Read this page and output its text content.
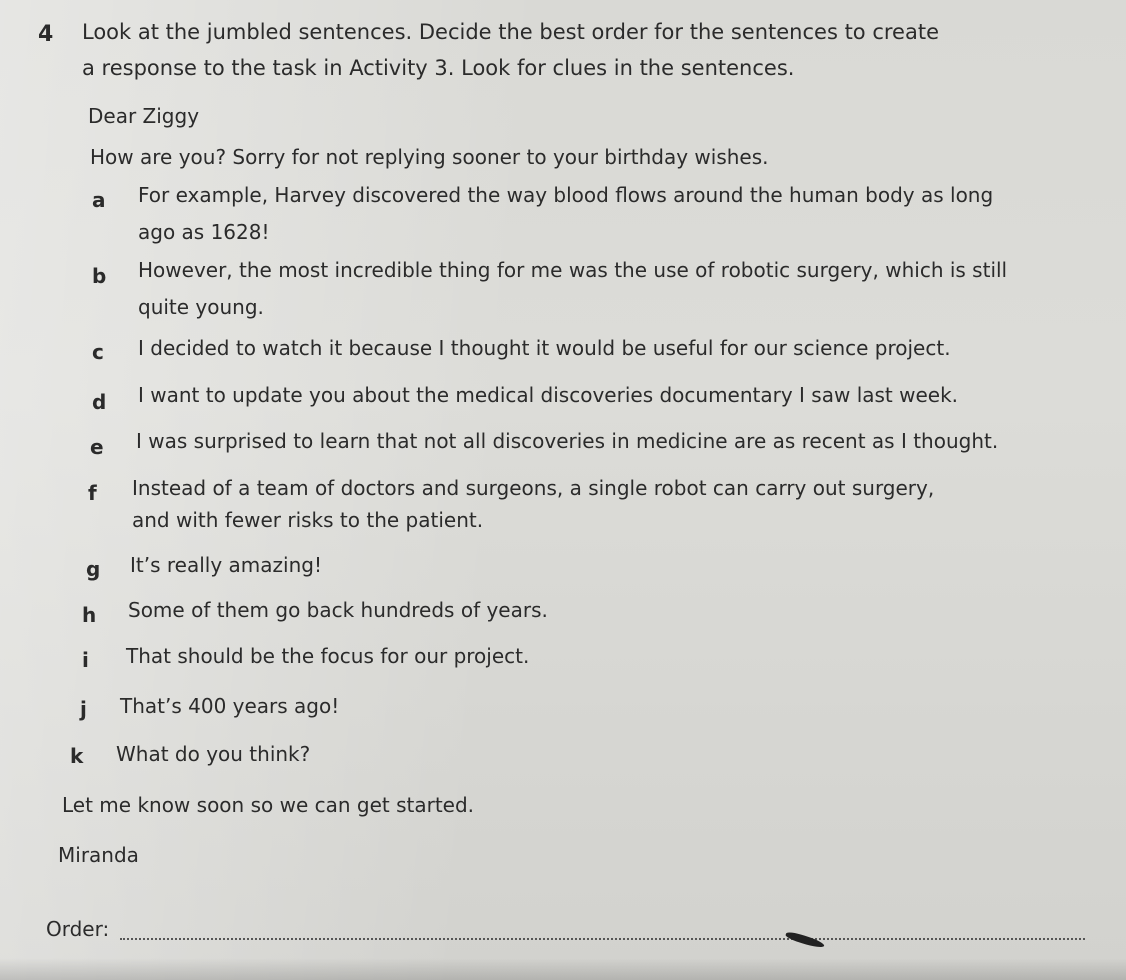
4 Look at the jumbled sentences. Decide the best order for the sentences to create
a response to the task in Activity 3. Look for clues in the sentences.
Dear Ziggy
How are you? Sorry for not replying sooner to your birthday wishes.
a For example, Harvey discovered the way blood flows around the human body as long
ago as 1628!
b However, the most incredible thing for me was the use of robotic surgery, which is still
quite young.
c I decided to watch it because I thought it would be useful for our science project.
d I want to update you about the medical discoveries documentary I saw last week.
e I was surprised to learn that not all discoveries in medicine are as recent as I thought.
f Instead of a team of doctors and surgeons, a single robot can carry out surgery,
and with fewer risks to the patient.
g It’s really amazing!
h Some of them go back hundreds of years.
i That should be the focus for our project.
j That’s 400 years ago!
k What do you think?
Let me know soon so we can get started.
Miranda
Order:
